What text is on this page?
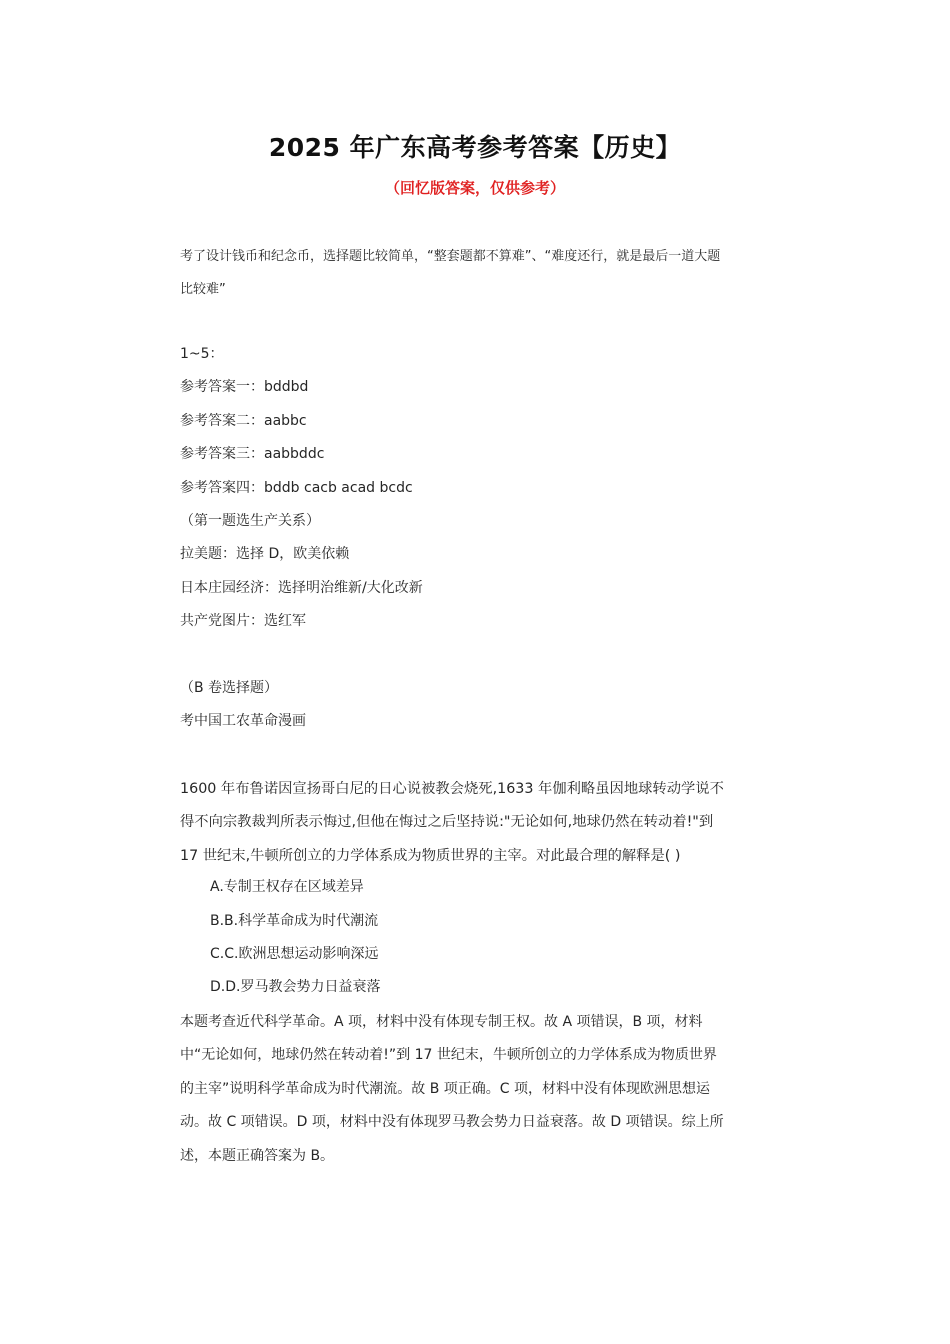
2025 年广东高考参考答案【历史】
（回忆版答案，仅供参考）
考了设计钱币和纪念币，选择题比较简单，“整套题都不算难”、“难度还行，就是最后一道大题比较难”
1~5：
参考答案一：bddbd
参考答案二：aabbc
参考答案三：aabbddc
参考答案四：bddb cacb acad bcdc
（第一题选生产关系）
拉美题：选择 D，欧美依赖
日本庄园经济：选择明治维新/大化改新
共产党图片：选红军
（B 卷选择题）
考中国工农革命漫画
1600 年布鲁诺因宣扬哥白尼的日心说被教会烧死,1633 年伽利略虽因地球转动学说不得不向宗教裁判所表示悔过,但他在悔过之后坚持说:"无论如何,地球仍然在转动着!"到 17 世纪末,牛顿所创立的力学体系成为物质世界的主宰。对此最合理的解释是( )
A.专制王权存在区域差异
B.B.科学革命成为时代潮流
C.C.欧洲思想运动影响深远
D.D.罗马教会势力日益衰落
本题考查近代科学革命。A 项，材料中没有体现专制王权。故 A 项错误，B 项，材料中“无论如何，地球仍然在转动着!”到 17 世纪末，牛顿所创立的力学体系成为物质世界的主宰”说明科学革命成为时代潮流。故 B 项正确。C 项，材料中没有体现欧洲思想运动。故 C 项错误。D 项，材料中没有体现罗马教会势力日益衰落。故 D 项错误。综上所述，本题正确答案为 B。
